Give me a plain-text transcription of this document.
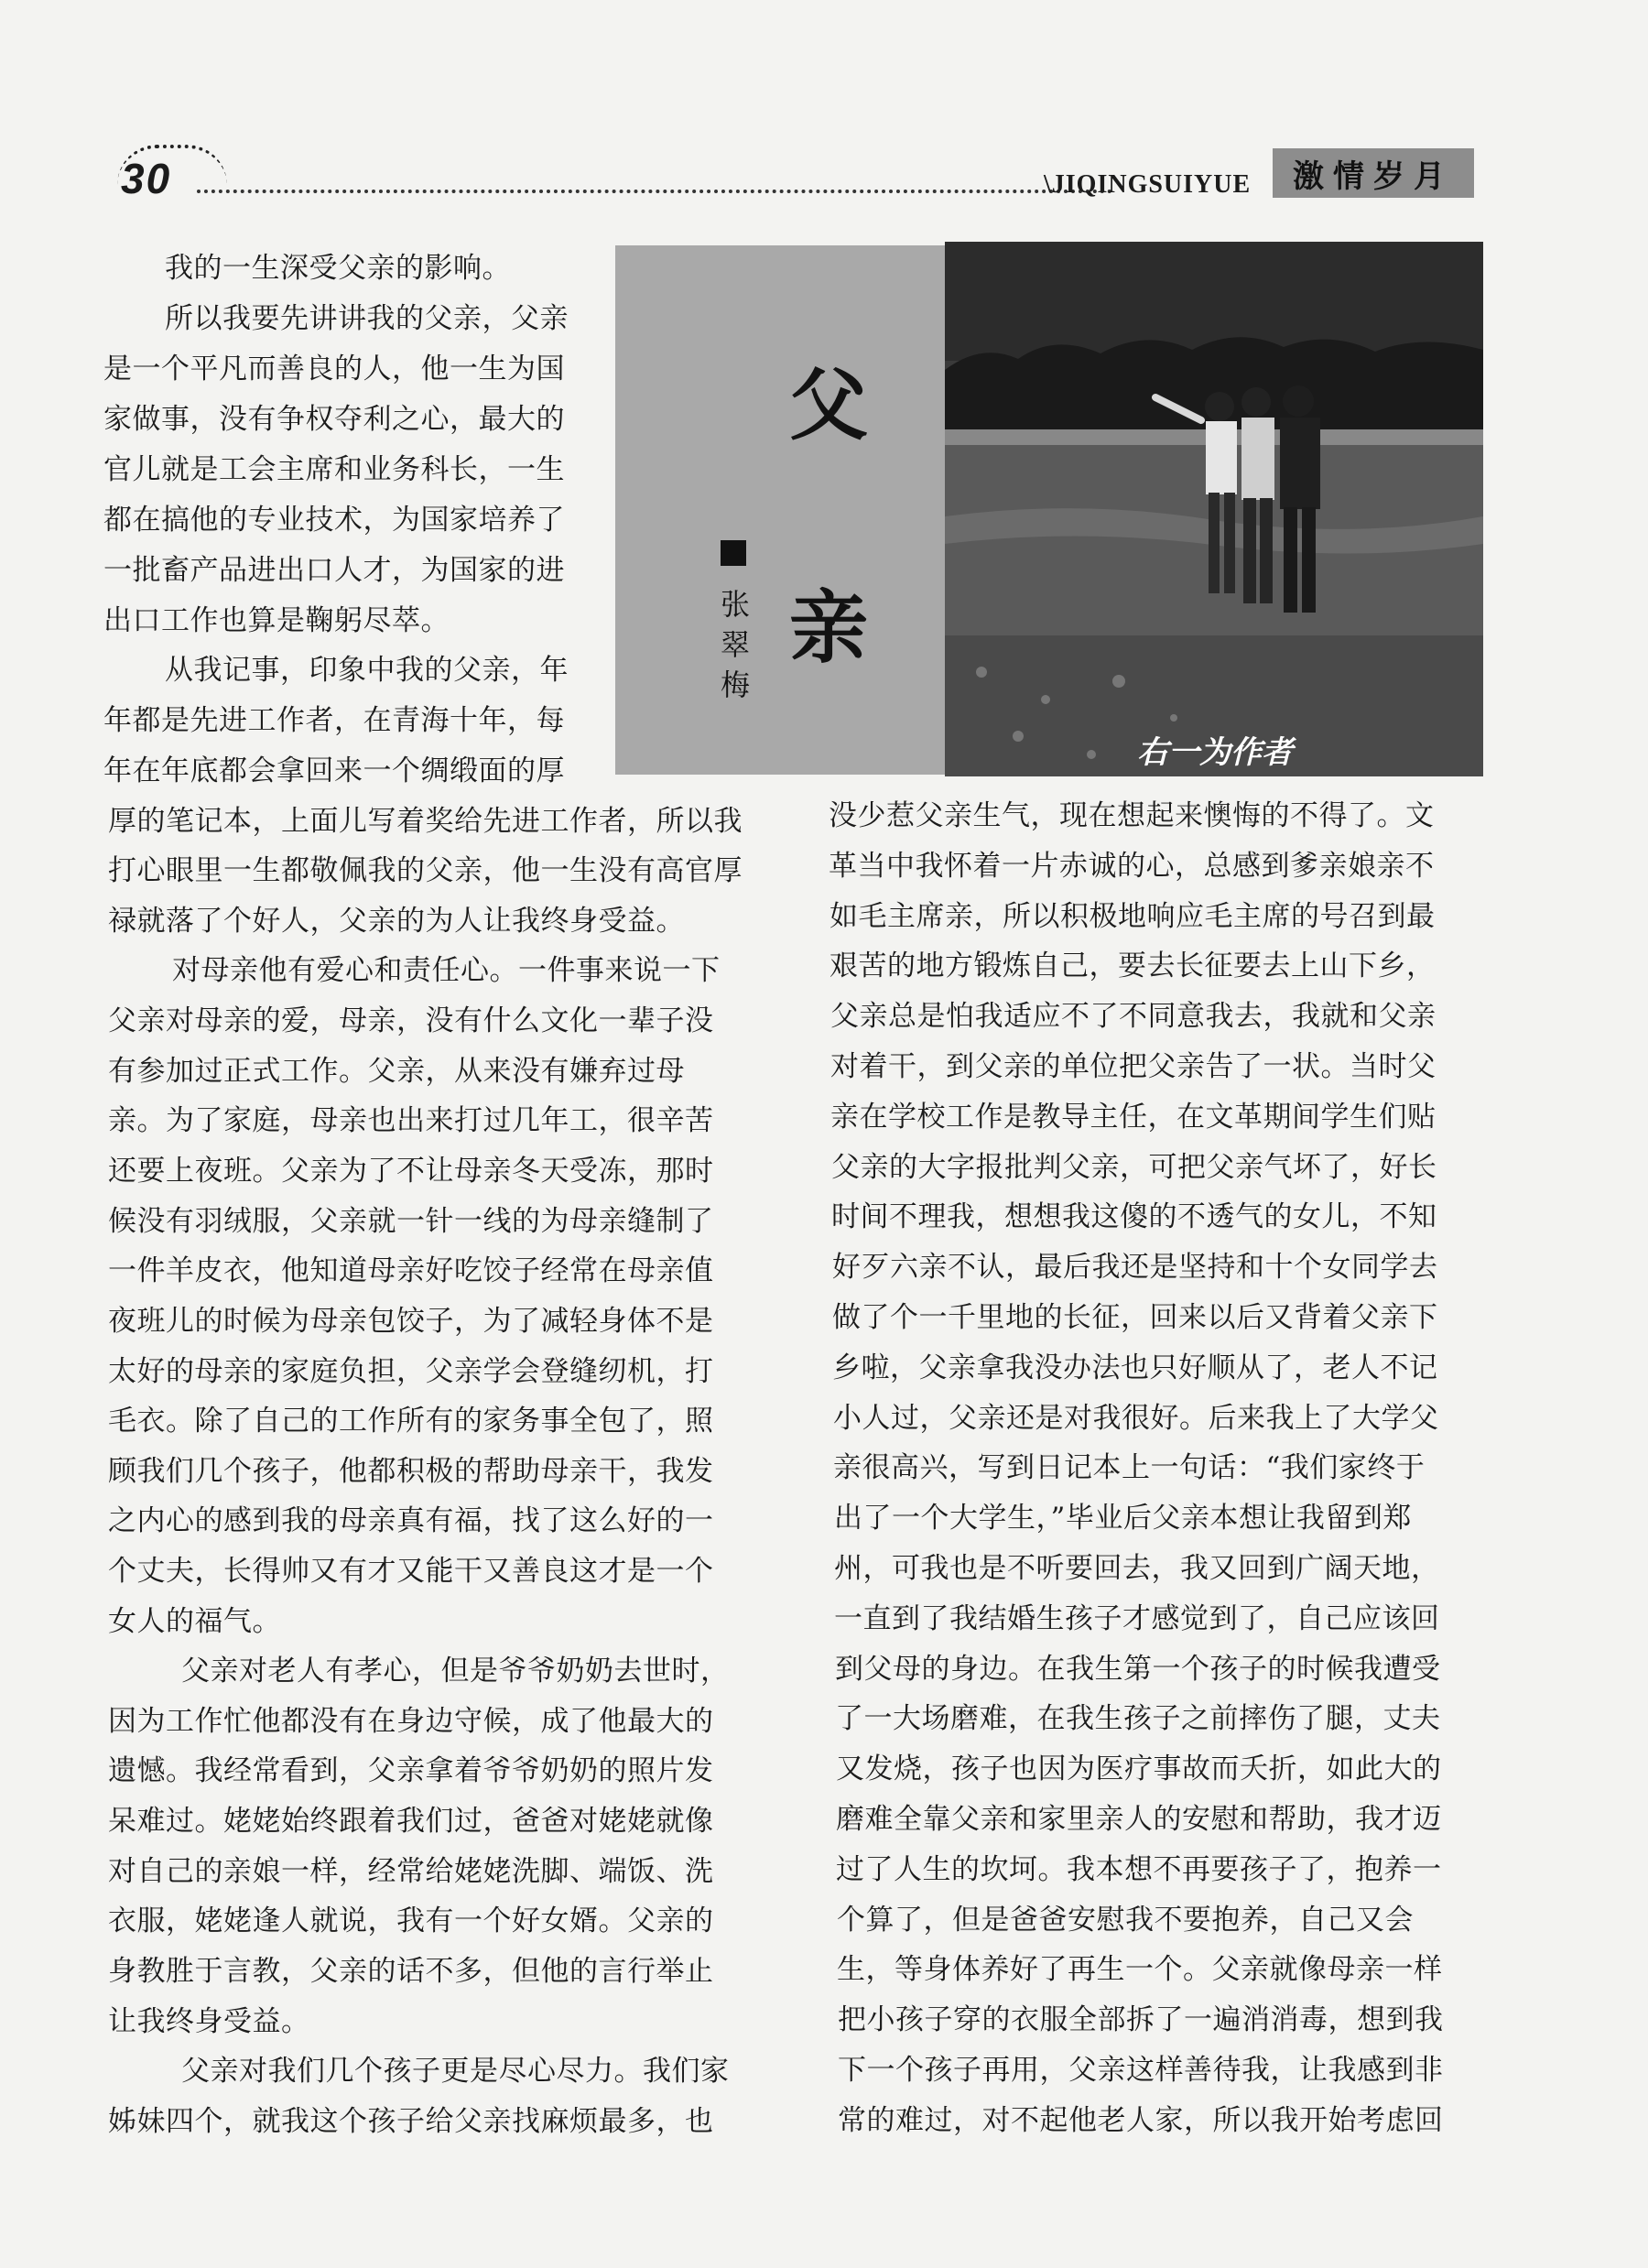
30	\JIQINGSUIYUE	激情岁月
父
亲
张
翠
梅
右一为作者
我的一生深受父亲的影响。
所以我要先讲讲我的父亲，父亲
是一个平凡而善良的人，他一生为国
家做事，没有争权夺利之心，最大的
官儿就是工会主席和业务科长，一生
都在搞他的专业技术，为国家培养了
一批畜产品进出口人才，为国家的进
出口工作也算是鞠躬尽萃。
从我记事，印象中我的父亲，年
年都是先进工作者，在青海十年，每
年在年底都会拿回来一个绸缎面的厚
厚的笔记本，上面儿写着奖给先进工作者，所以我
打心眼里一生都敬佩我的父亲，他一生没有高官厚
禄就落了个好人，父亲的为人让我终身受益。
对母亲他有爱心和责任心。一件事来说一下
父亲对母亲的爱，母亲，没有什么文化一辈子没
有参加过正式工作。父亲，从来没有嫌弃过母
亲。为了家庭，母亲也出来打过几年工，很辛苦
还要上夜班。父亲为了不让母亲冬天受冻，那时
候没有羽绒服，父亲就一针一线的为母亲缝制了
一件羊皮衣，他知道母亲好吃饺子经常在母亲值
夜班儿的时候为母亲包饺子，为了减轻身体不是
太好的母亲的家庭负担，父亲学会登缝纫机，打
毛衣。除了自己的工作所有的家务事全包了，照
顾我们几个孩子，他都积极的帮助母亲干，我发
之内心的感到我的母亲真有福，找了这么好的一
个丈夫，长得帅又有才又能干又善良这才是一个
女人的福气。
父亲对老人有孝心，但是爷爷奶奶去世时，
因为工作忙他都没有在身边守候，成了他最大的
遗憾。我经常看到，父亲拿着爷爷奶奶的照片发
呆难过。姥姥始终跟着我们过，爸爸对姥姥就像
对自己的亲娘一样，经常给姥姥洗脚、端饭、洗
衣服，姥姥逢人就说，我有一个好女婿。父亲的
身教胜于言教，父亲的话不多，但他的言行举止
让我终身受益。
父亲对我们几个孩子更是尽心尽力。我们家
姊妹四个，就我这个孩子给父亲找麻烦最多，也
没少惹父亲生气，现在想起来懊悔的不得了。文
革当中我怀着一片赤诚的心，总感到爹亲娘亲不
如毛主席亲，所以积极地响应毛主席的号召到最
艰苦的地方锻炼自己，要去长征要去上山下乡，
父亲总是怕我适应不了不同意我去，我就和父亲
对着干，到父亲的单位把父亲告了一状。当时父
亲在学校工作是教导主任，在文革期间学生们贴
父亲的大字报批判父亲，可把父亲气坏了，好长
时间不理我，想想我这傻的不透气的女儿，不知
好歹六亲不认，最后我还是坚持和十个女同学去
做了个一千里地的长征，回来以后又背着父亲下
乡啦，父亲拿我没办法也只好顺从了，老人不记
小人过，父亲还是对我很好。后来我上了大学父
亲很高兴，写到日记本上一句话：“我们家终于
出了一个大学生，”毕业后父亲本想让我留到郑
州，可我也是不听要回去，我又回到广阔天地，
一直到了我结婚生孩子才感觉到了，自己应该回
到父母的身边。在我生第一个孩子的时候我遭受
了一大场磨难，在我生孩子之前摔伤了腿，丈夫
又发烧，孩子也因为医疗事故而夭折，如此大的
磨难全靠父亲和家里亲人的安慰和帮助，我才迈
过了人生的坎坷。我本想不再要孩子了，抱养一
个算了，但是爸爸安慰我不要抱养，自己又会
生，等身体养好了再生一个。父亲就像母亲一样
把小孩子穿的衣服全部拆了一遍消消毒，想到我
下一个孩子再用，父亲这样善待我，让我感到非
常的难过，对不起他老人家，所以我开始考虑回
